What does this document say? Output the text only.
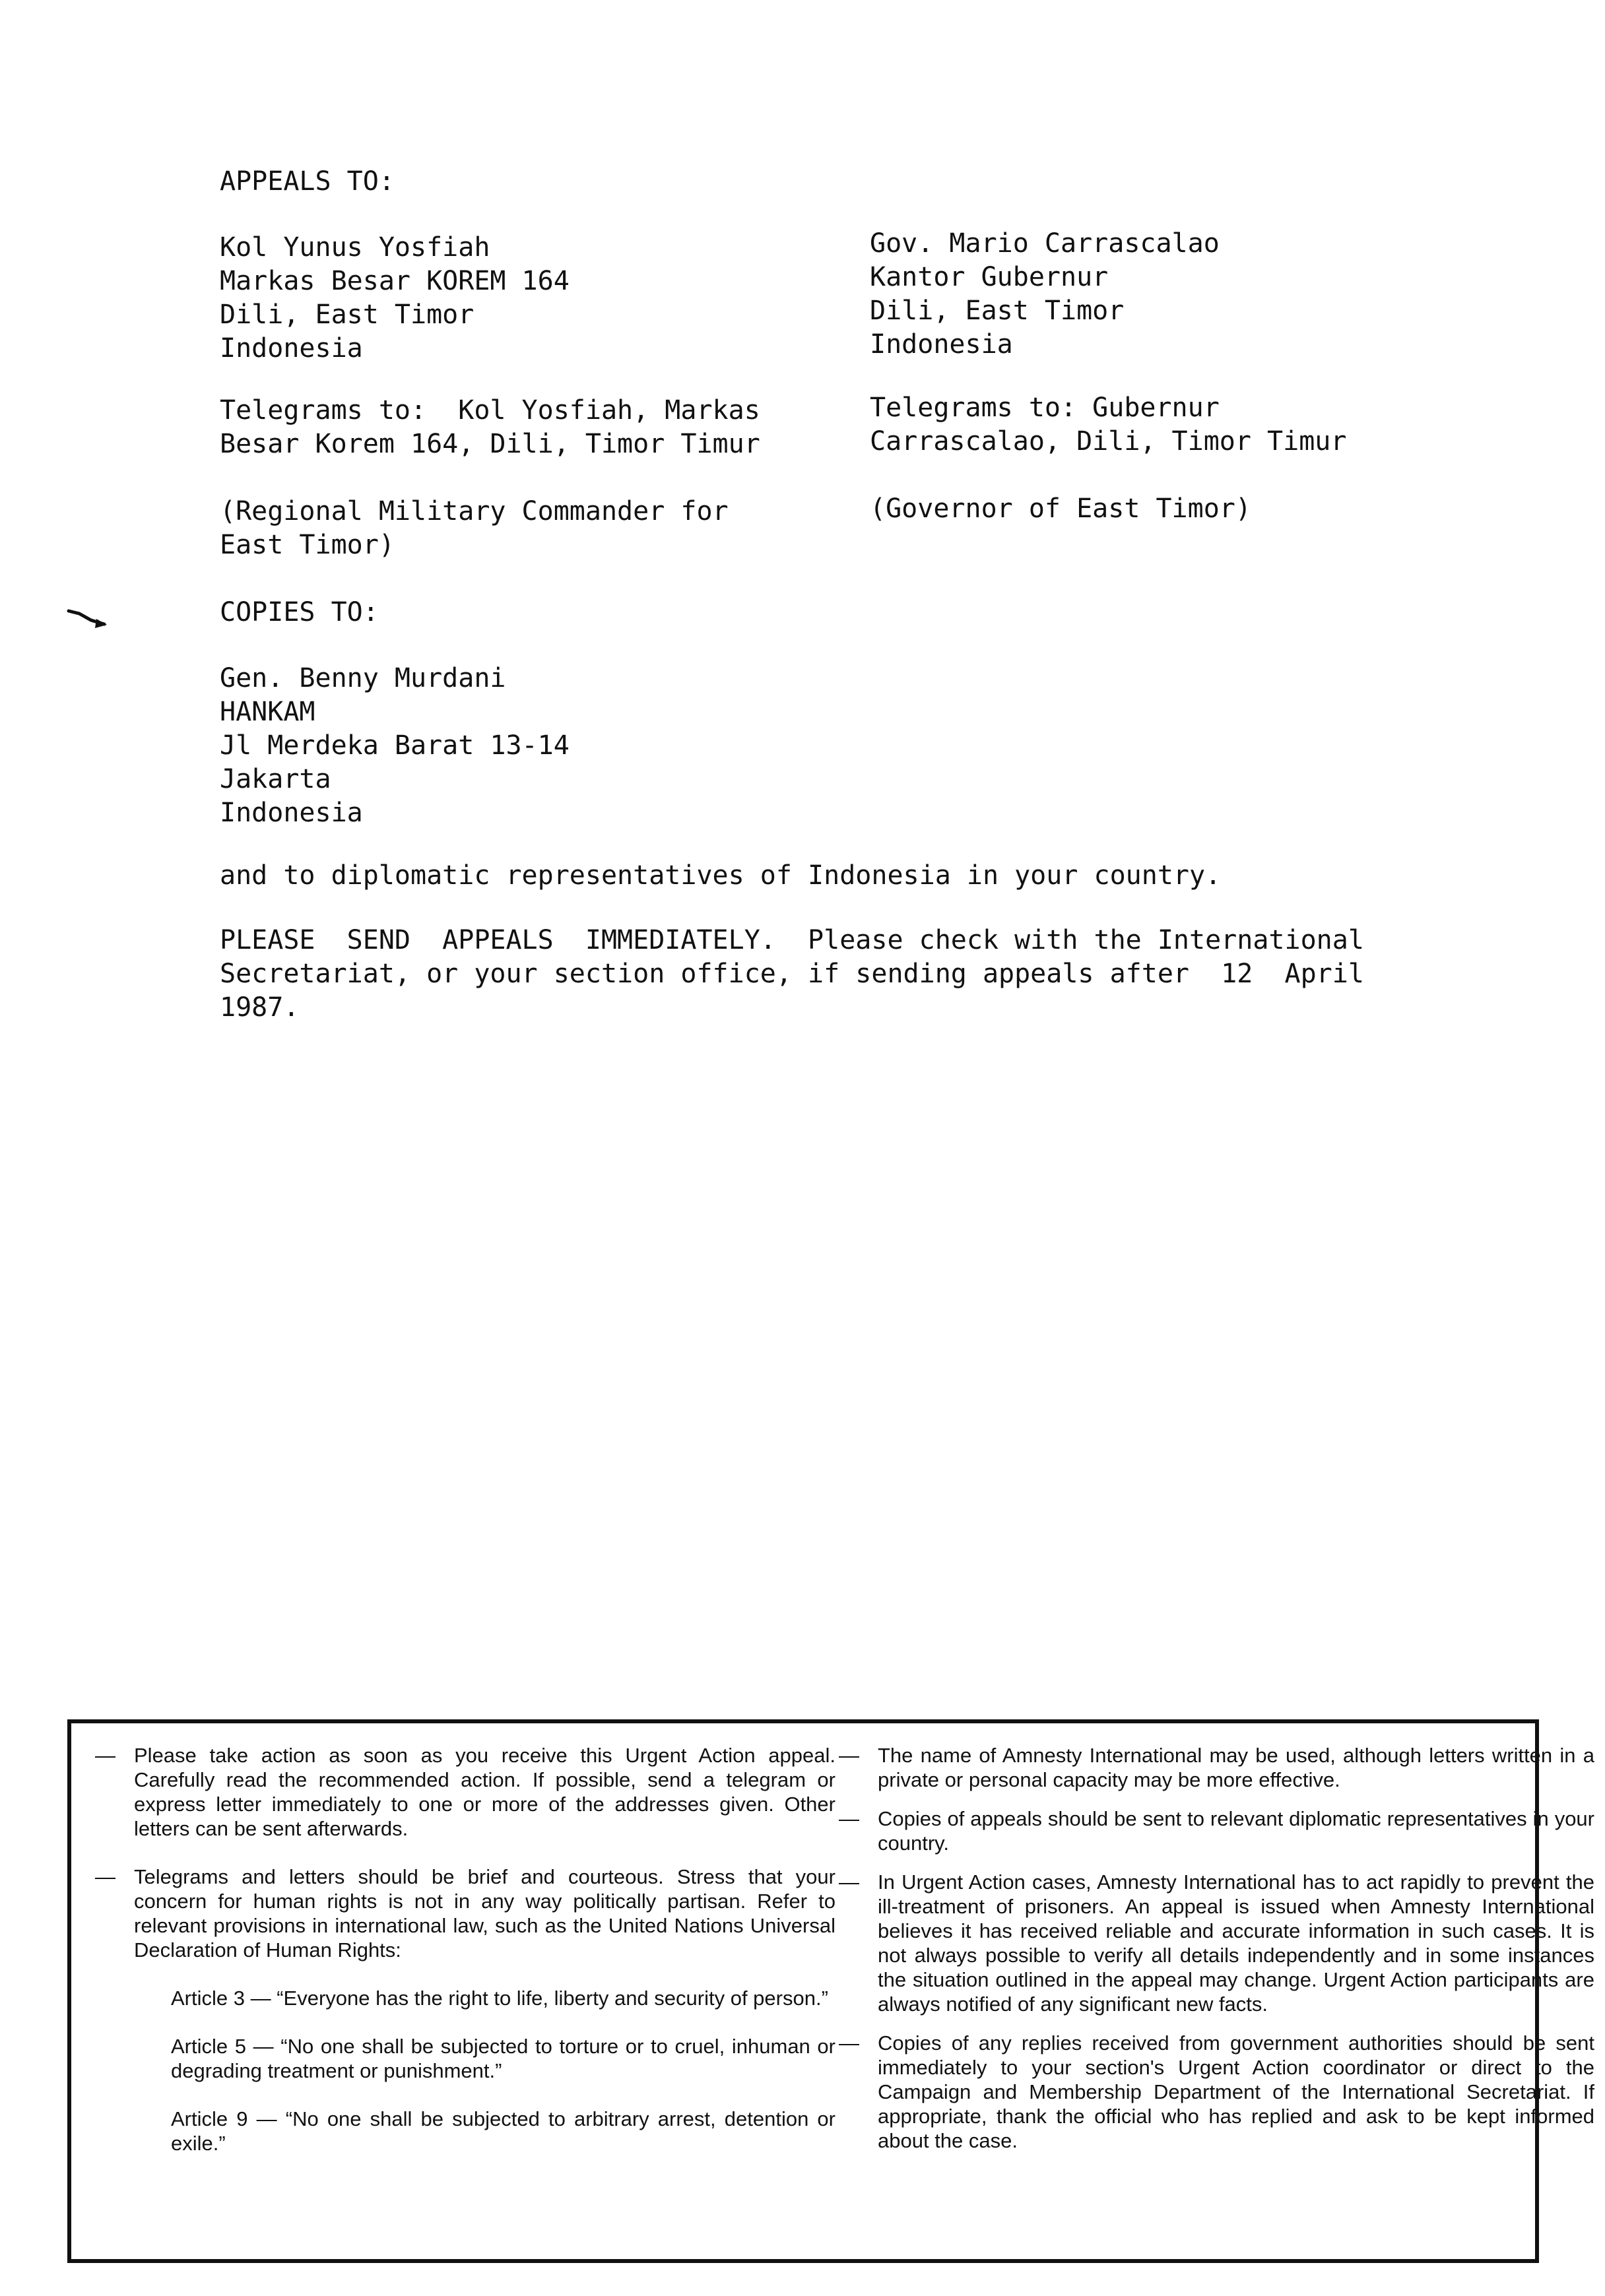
APPEALS TO:
Kol Yunus Yosfiah
Markas Besar KOREM 164
Dili, East Timor
Indonesia
Gov. Mario Carrascalao
Kantor Gubernur
Dili, East Timor
Indonesia
Telegrams to:  Kol Yosfiah, Markas
Besar Korem 164, Dili, Timor Timur
Telegrams to: Gubernur
Carrascalao, Dili, Timor Timur
(Regional Military Commander for
East Timor)
(Governor of East Timor)
COPIES TO:
Gen. Benny Murdani
HANKAM
Jl Merdeka Barat 13-14
Jakarta
Indonesia
and to diplomatic representatives of Indonesia in your country.
PLEASE  SEND  APPEALS  IMMEDIATELY.  Please check with the International
Secretariat, or your section office, if sending appeals after  12  April
1987.
— Please take action as soon as you receive this Urgent Action appeal. Carefully read the recommended action. If possible, send a telegram or express letter immediately to one or more of the addresses given. Other letters can be sent afterwards.
— Telegrams and letters should be brief and courteous. Stress that your concern for human rights is not in any way politically partisan. Refer to relevant provisions in international law, such as the United Nations Universal Declaration of Human Rights:
Article 3 — “Everyone has the right to life, liberty and security of person.”
Article 5 — “No one shall be subjected to torture or to cruel, inhuman or degrading treatment or punishment.”
Article 9 — “No one shall be subjected to arbitrary arrest, detention or exile.”
— The name of Amnesty International may be used, although letters written in a private or personal capacity may be more effective.
— Copies of appeals should be sent to relevant diplomatic representatives in your country.
— In Urgent Action cases, Amnesty International has to act rapidly to prevent the ill-treatment of prisoners. An appeal is issued when Amnesty International believes it has received reliable and accurate information in such cases. It is not always possible to verify all details independently and in some instances the situation outlined in the appeal may change. Urgent Action participants are always notified of any significant new facts.
— Copies of any replies received from government authorities should be sent immediately to your section's Urgent Action coordinator or direct to the Campaign and Membership Department of the International Secretariat. If appropriate, thank the official who has replied and ask to be kept informed about the case.
